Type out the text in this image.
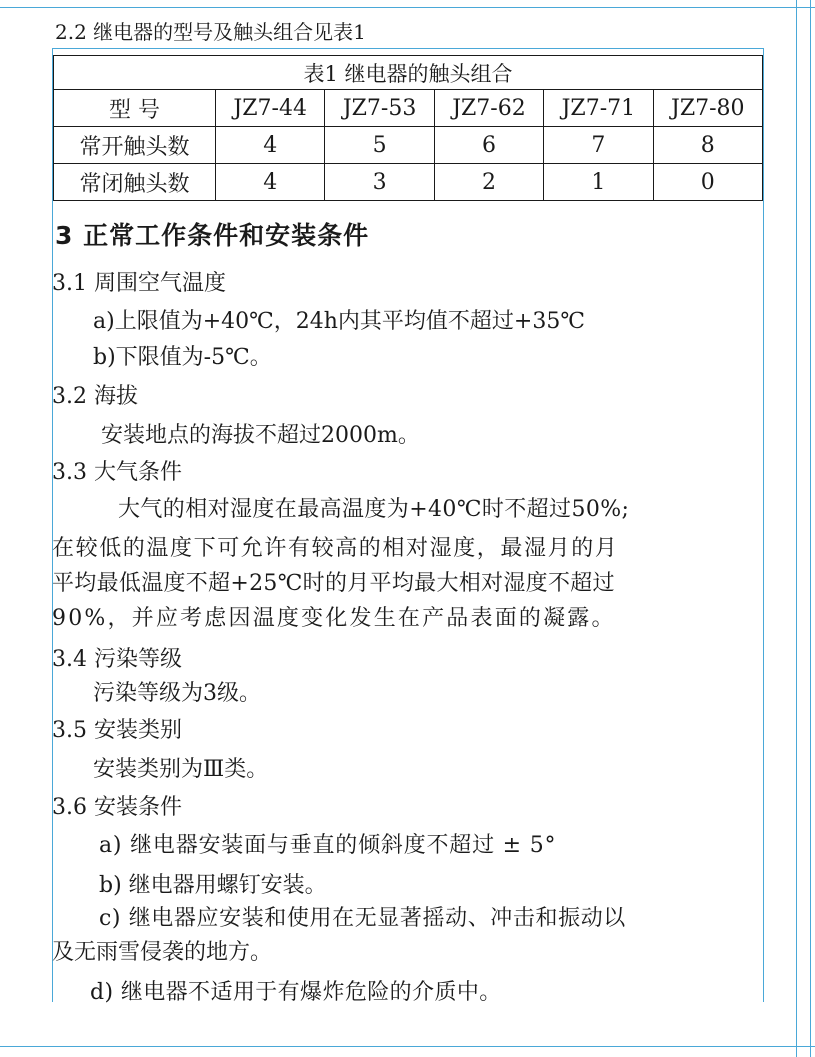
2.2 继电器的型号及触头组合见表1
表1 继电器的触头组合					
型 号	JZ7-44	JZ7-53	JZ7-62	JZ7-71	JZ7-80
常开触头数	4	5	6	7	8
常闭触头数	4	3	2	1	0
3 正常工作条件和安装条件
3.1 周围空气温度
a)上限值为+40℃，24h内其平均值不超过+35℃
b)下限值为-5℃。
3.2 海拔
安装地点的海拔不超过2000m。
3.3 大气条件
大气的相对湿度在最高温度为+40℃时不超过50%;
在较低的温度下可允许有较高的相对湿度，最湿月的月
平均最低温度不超+25℃时的月平均最大相对湿度不超过
90%，并应考虑因温度变化发生在产品表面的凝露。
3.4 污染等级
污染等级为3级。
3.5 安装类别
安装类别为Ⅲ类。
3.6 安装条件
a) 继电器安装面与垂直的倾斜度不超过 ± 5°
b) 继电器用螺钉安装。
c) 继电器应安装和使用在无显著摇动、冲击和振动以
及无雨雪侵袭的地方。
d) 继电器不适用于有爆炸危险的介质中。
